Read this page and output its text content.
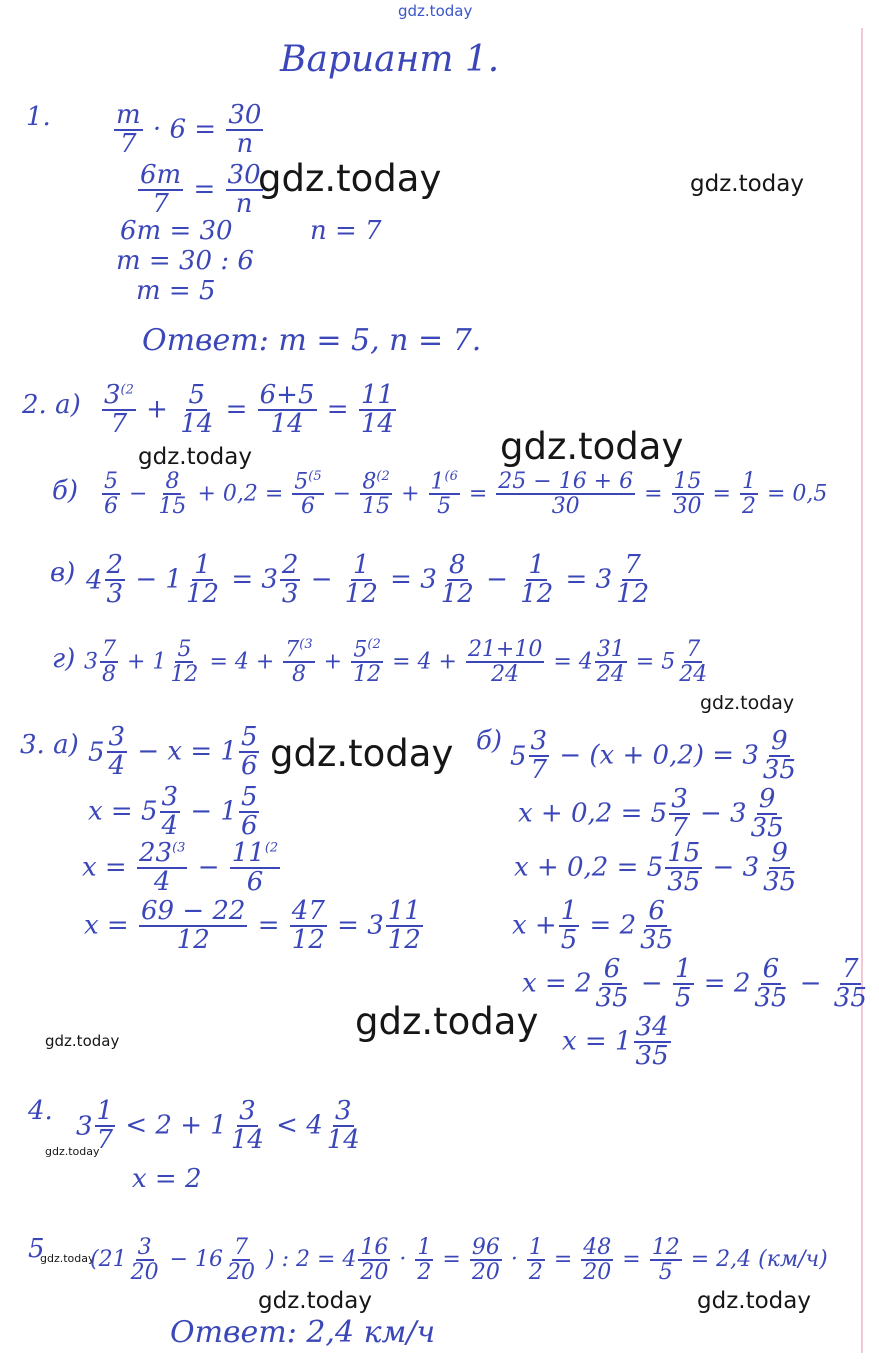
gdz.today
gdz.today	gdz.today
gdz.today
gdz.today
gdz.today
gdz.today
gdz.today
gdz.today
gdz.today
gdz.today
gdz.today	gdz.today
Вариант 1.
1. $\frac{m}{7} \cdot 6 = \frac{30}{n}$
$\frac{6m}{7} = \frac{30}{n}$
6m = 30	n = 7
m = 30 : 6
m = 5
Ответ: m = 5, n = 7.
2. $а) \frac{3^{(2}}{7} + \frac{5}{14} = \frac{6+5}{14} = \frac{11}{14}$
$б) \frac{5}{6} - \frac{8}{15} + 0,2 = \frac{5^{(5}}{6} - \frac{8^{(2}}{15} + \frac{1^{(6}}{5} = \frac{25 - 16 + 6}{30} = \frac{15}{30} = \frac{1}{2} = 0,5$
в) $4 \frac{2}{3} - 1 \frac{1}{12} = 3 \frac{2}{3} - \frac{1}{12} = 3 \frac{8}{12} - \frac{1}{12} = 3 \frac{7}{12}$
г) $3 \frac{7}{8} + 1 \frac{5}{12} = 4 + \frac{7^{(3}}{8} + \frac{5^{(2}}{12} = 4 + \frac{21+10}{24} = 4 \frac{31}{24} = 5 \frac{7}{24}$
3. а) $5 \frac{3}{4} - x = 1 \frac{5}{6}$
$x = 5 \frac{3}{4} - 1 \frac{5}{6}$
$x = \frac{23^{(3}}{4} - \frac{11^{(2}}{6}$
$x = \frac{69 - 22}{12} = \frac{47}{12} = 3 \frac{11}{12}$
б)
$5 \frac{3}{7} - (x + 0,2) = 3 \frac{9}{35}$
$x + 0,2 = 5 \frac{3}{7} - 3 \frac{9}{35}$
$x + 0,2 = 5 \frac{15}{35} - 3 \frac{9}{35}$
$x + \frac{1}{5} = 2 \frac{6}{35}$
$x = 2 \frac{6}{35} - \frac{1}{5} = 2 \frac{6}{35} - \frac{7}{35}$
$x = 1 \frac{34}{35}$
4.
$3 \frac{1}{7} < 2 + 1 \frac{3}{14} < 4 \frac{3}{14}$
x = 2
5 ($21 \frac{3}{20} - 16 \frac{7}{20}$ ) : $2 = 4 \frac{16}{20} \cdot \frac{1}{2} = \frac{96}{20} \cdot \frac{1}{2} = \frac{48}{20} = \frac{12}{5} = 2,4$ (км/ч)
Ответ: 2,4 км/ч
